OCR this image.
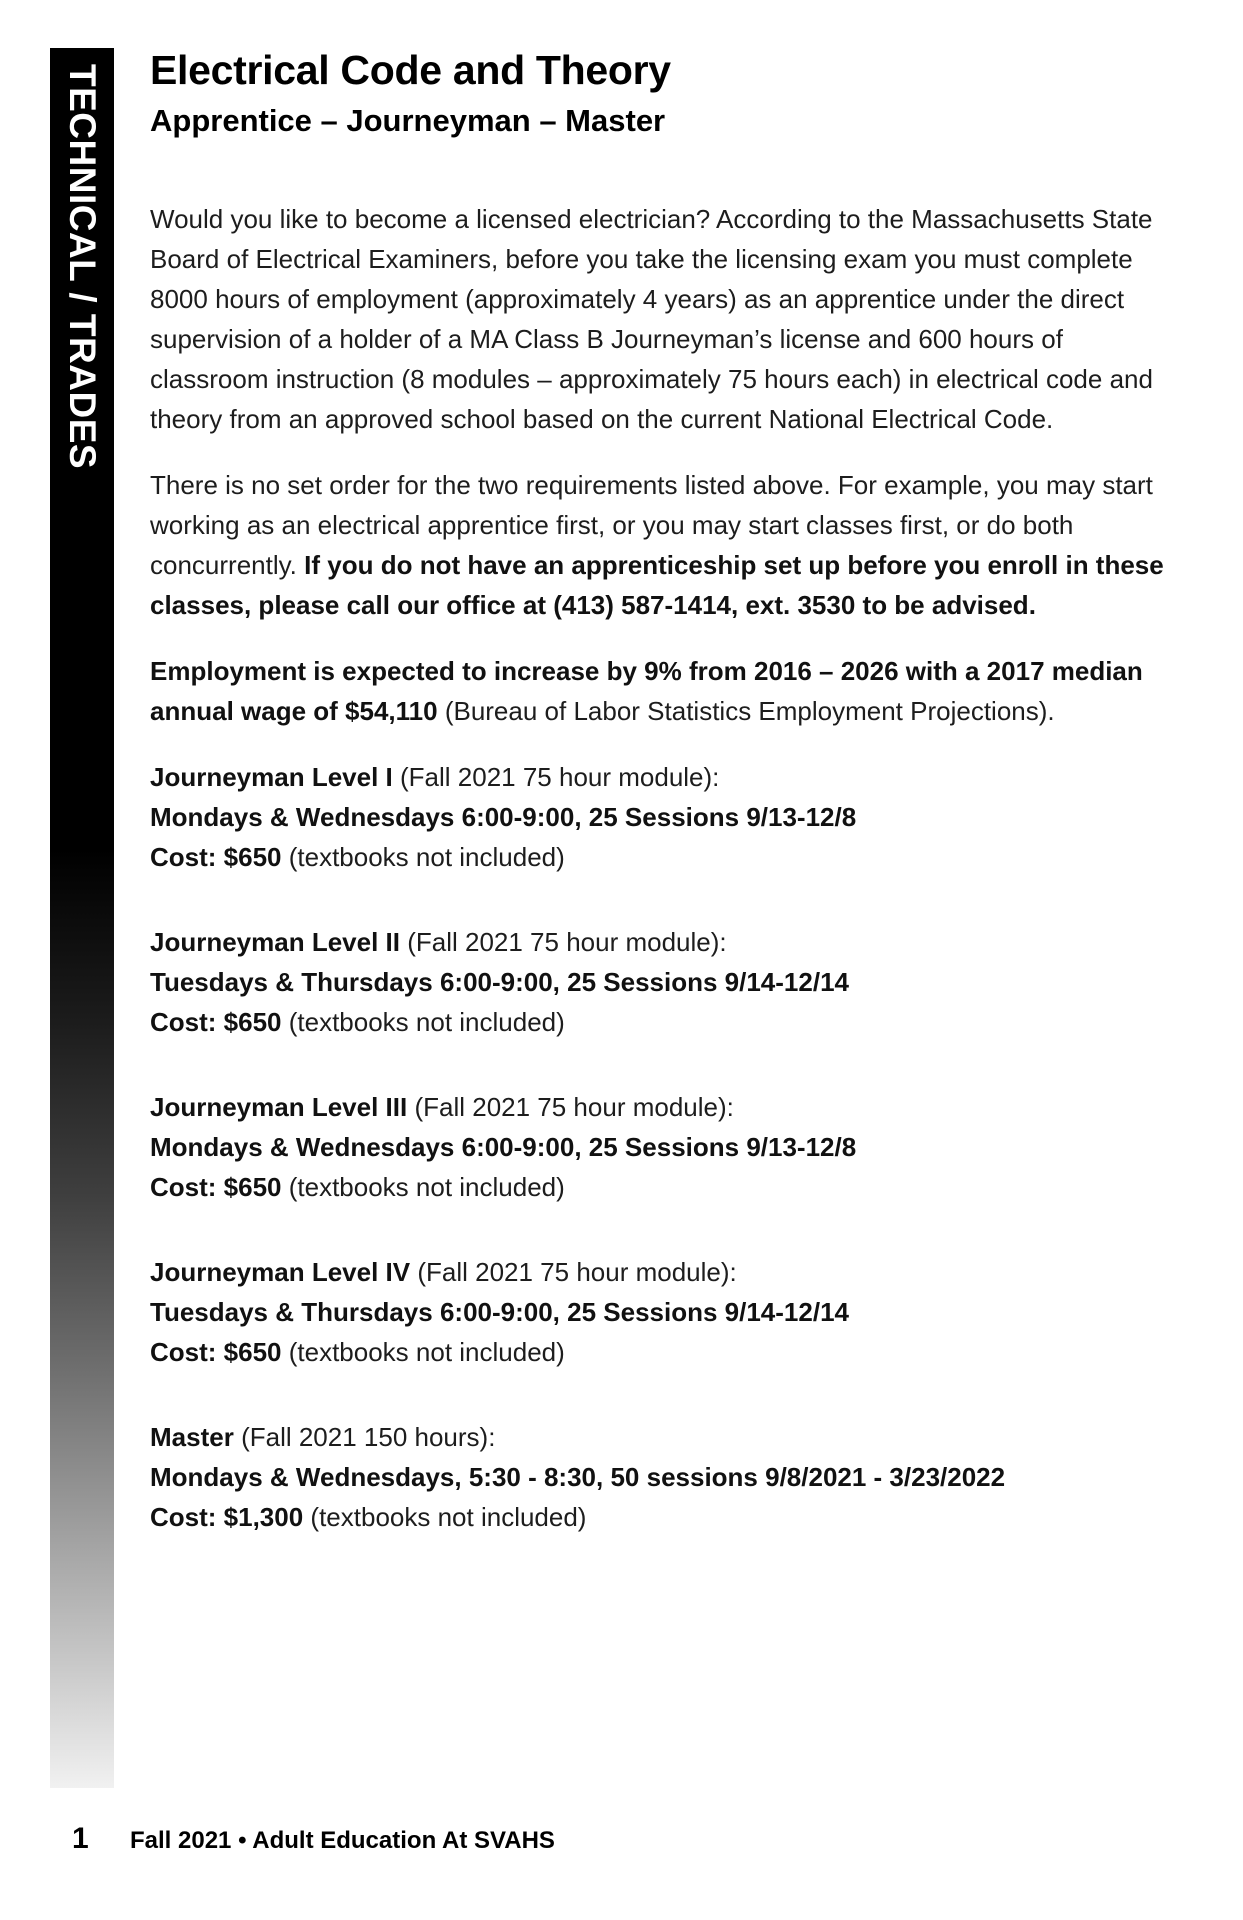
TECHNICAL / TRADES Electrical Code and Theory
Apprentice – Journeyman – Master

Would you like to become a licensed electrician? According to the Massachusetts State Board of Electrical Examiners, before you take the licensing exam you must complete 8000 hours of employment (approximately 4 years) as an apprentice under the direct supervision of a holder of a MA Class B Journeyman’s license and 600 hours of classroom instruction (8 modules – approximately 75 hours each) in electrical code and theory from an approved school based on the current National Electrical Code.

There is no set order for the two requirements listed above. For example, you may start working as an electrical apprentice first, or you may start classes first, or do both concurrently. If you do not have an apprenticeship set up before you enroll in these classes, please call our office at (413) 587-1414, ext. 3530 to be advised.

Employment is expected to increase by 9% from 2016 – 2026 with a 2017 median annual wage of $54,110 (Bureau of Labor Statistics Employment Projections).

Journeyman Level I (Fall 2021 75 hour module):
Mondays & Wednesdays 6:00-9:00, 25 Sessions 9/13-12/8
Cost: $650 (textbooks not included)
Journeyman Level II (Fall 2021 75 hour module):
Tuesdays & Thursdays 6:00-9:00, 25 Sessions 9/14-12/14
Cost: $650 (textbooks not included)
Journeyman Level III (Fall 2021 75 hour module):
Mondays & Wednesdays 6:00-9:00, 25 Sessions 9/13-12/8
Cost: $650 (textbooks not included)
Journeyman Level IV (Fall 2021 75 hour module):
Tuesdays & Thursdays 6:00-9:00, 25 Sessions 9/14-12/14
Cost: $650 (textbooks not included)
Master (Fall 2021 150 hours):
Mondays & Wednesdays, 5:30 - 8:30, 50 sessions 9/8/2021 - 3/23/2022
Cost: $1,300 (textbooks not included)
1 Fall 2021 • Adult Education At SVAHS
